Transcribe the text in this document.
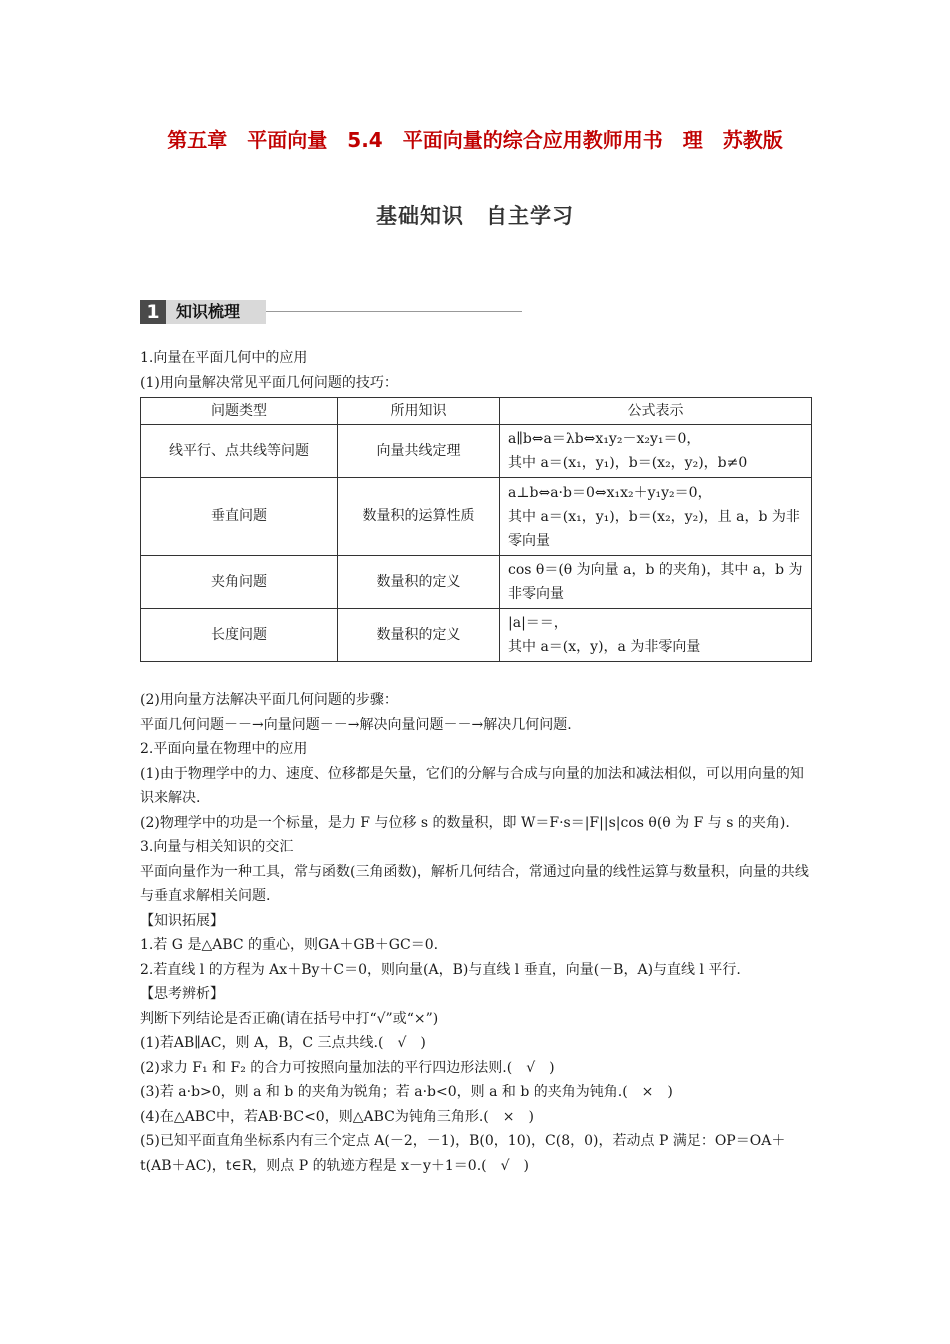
第五章　平面向量　5.4　平面向量的综合应用教师用书　理　苏教版
基础知识　自主学习
1	知识梳理

1.向量在平面几何中的应用

(1)用向量解决常见平面几何问题的技巧：

问题类型	所用知识	公式表示
线平行、点共线等问题	向量共线定理	a∥b⇔a＝λb⇔x₁y₂－x₂y₁＝0，
其中 a＝(x₁，y₁)，b＝(x₂，y₂)，b≠0

垂直问题	数量积的运算性质	a⊥b⇔a·b＝0⇔x₁x₂＋y₁y₂＝0，
其中 a＝(x₁，y₁)，b＝(x₂，y₂)，且 a，b 为非零向量

夹角问题	数量积的定义	cos θ＝(θ 为向量 a，b 的夹角)，其中 a，b 为非零向量

长度问题	数量积的定义	|a|＝＝，
其中 a＝(x，y)，a 为非零向量

(2)用向量方法解决平面几何问题的步骤：

平面几何问题－－→向量问题－－→解决向量问题－－→解决几何问题.

2.平面向量在物理中的应用

(1)由于物理学中的力、速度、位移都是矢量，它们的分解与合成与向量的加法和减法相似，可以用向量的知识来解决.

(2)物理学中的功是一个标量，是力 F 与位移 s 的数量积，即 W＝F·s＝|F||s|cos θ(θ 为 F 与 s 的夹角).

3.向量与相关知识的交汇

平面向量作为一种工具，常与函数(三角函数)，解析几何结合，常通过向量的线性运算与数量积，向量的共线与垂直求解相关问题.

【知识拓展】

1.若 G 是△ABC 的重心，则GA＋GB＋GC＝0.

2.若直线 l 的方程为 Ax＋By＋C＝0，则向量(A，B)与直线 l 垂直，向量(－B，A)与直线 l 平行.

【思考辨析】

判断下列结论是否正确(请在括号中打“√”或“×”)

(1)若AB∥AC，则 A，B，C 三点共线.(　√　)

(2)求力 F₁ 和 F₂ 的合力可按照向量加法的平行四边形法则.(　√　)

(3)若 a·b>0，则 a 和 b 的夹角为锐角；若 a·b<0，则 a 和 b 的夹角为钝角.(　×　)

(4)在△ABC中，若AB·BC<0，则△ABC为钝角三角形.(　×　)

(5)已知平面直角坐标系内有三个定点 A(－2，－1)，B(0，10)，C(8，0)，若动点 P 满足：OP＝OA＋t(AB＋AC)，t∈R，则点 P 的轨迹方程是 x－y＋1＝0.(　√　)
